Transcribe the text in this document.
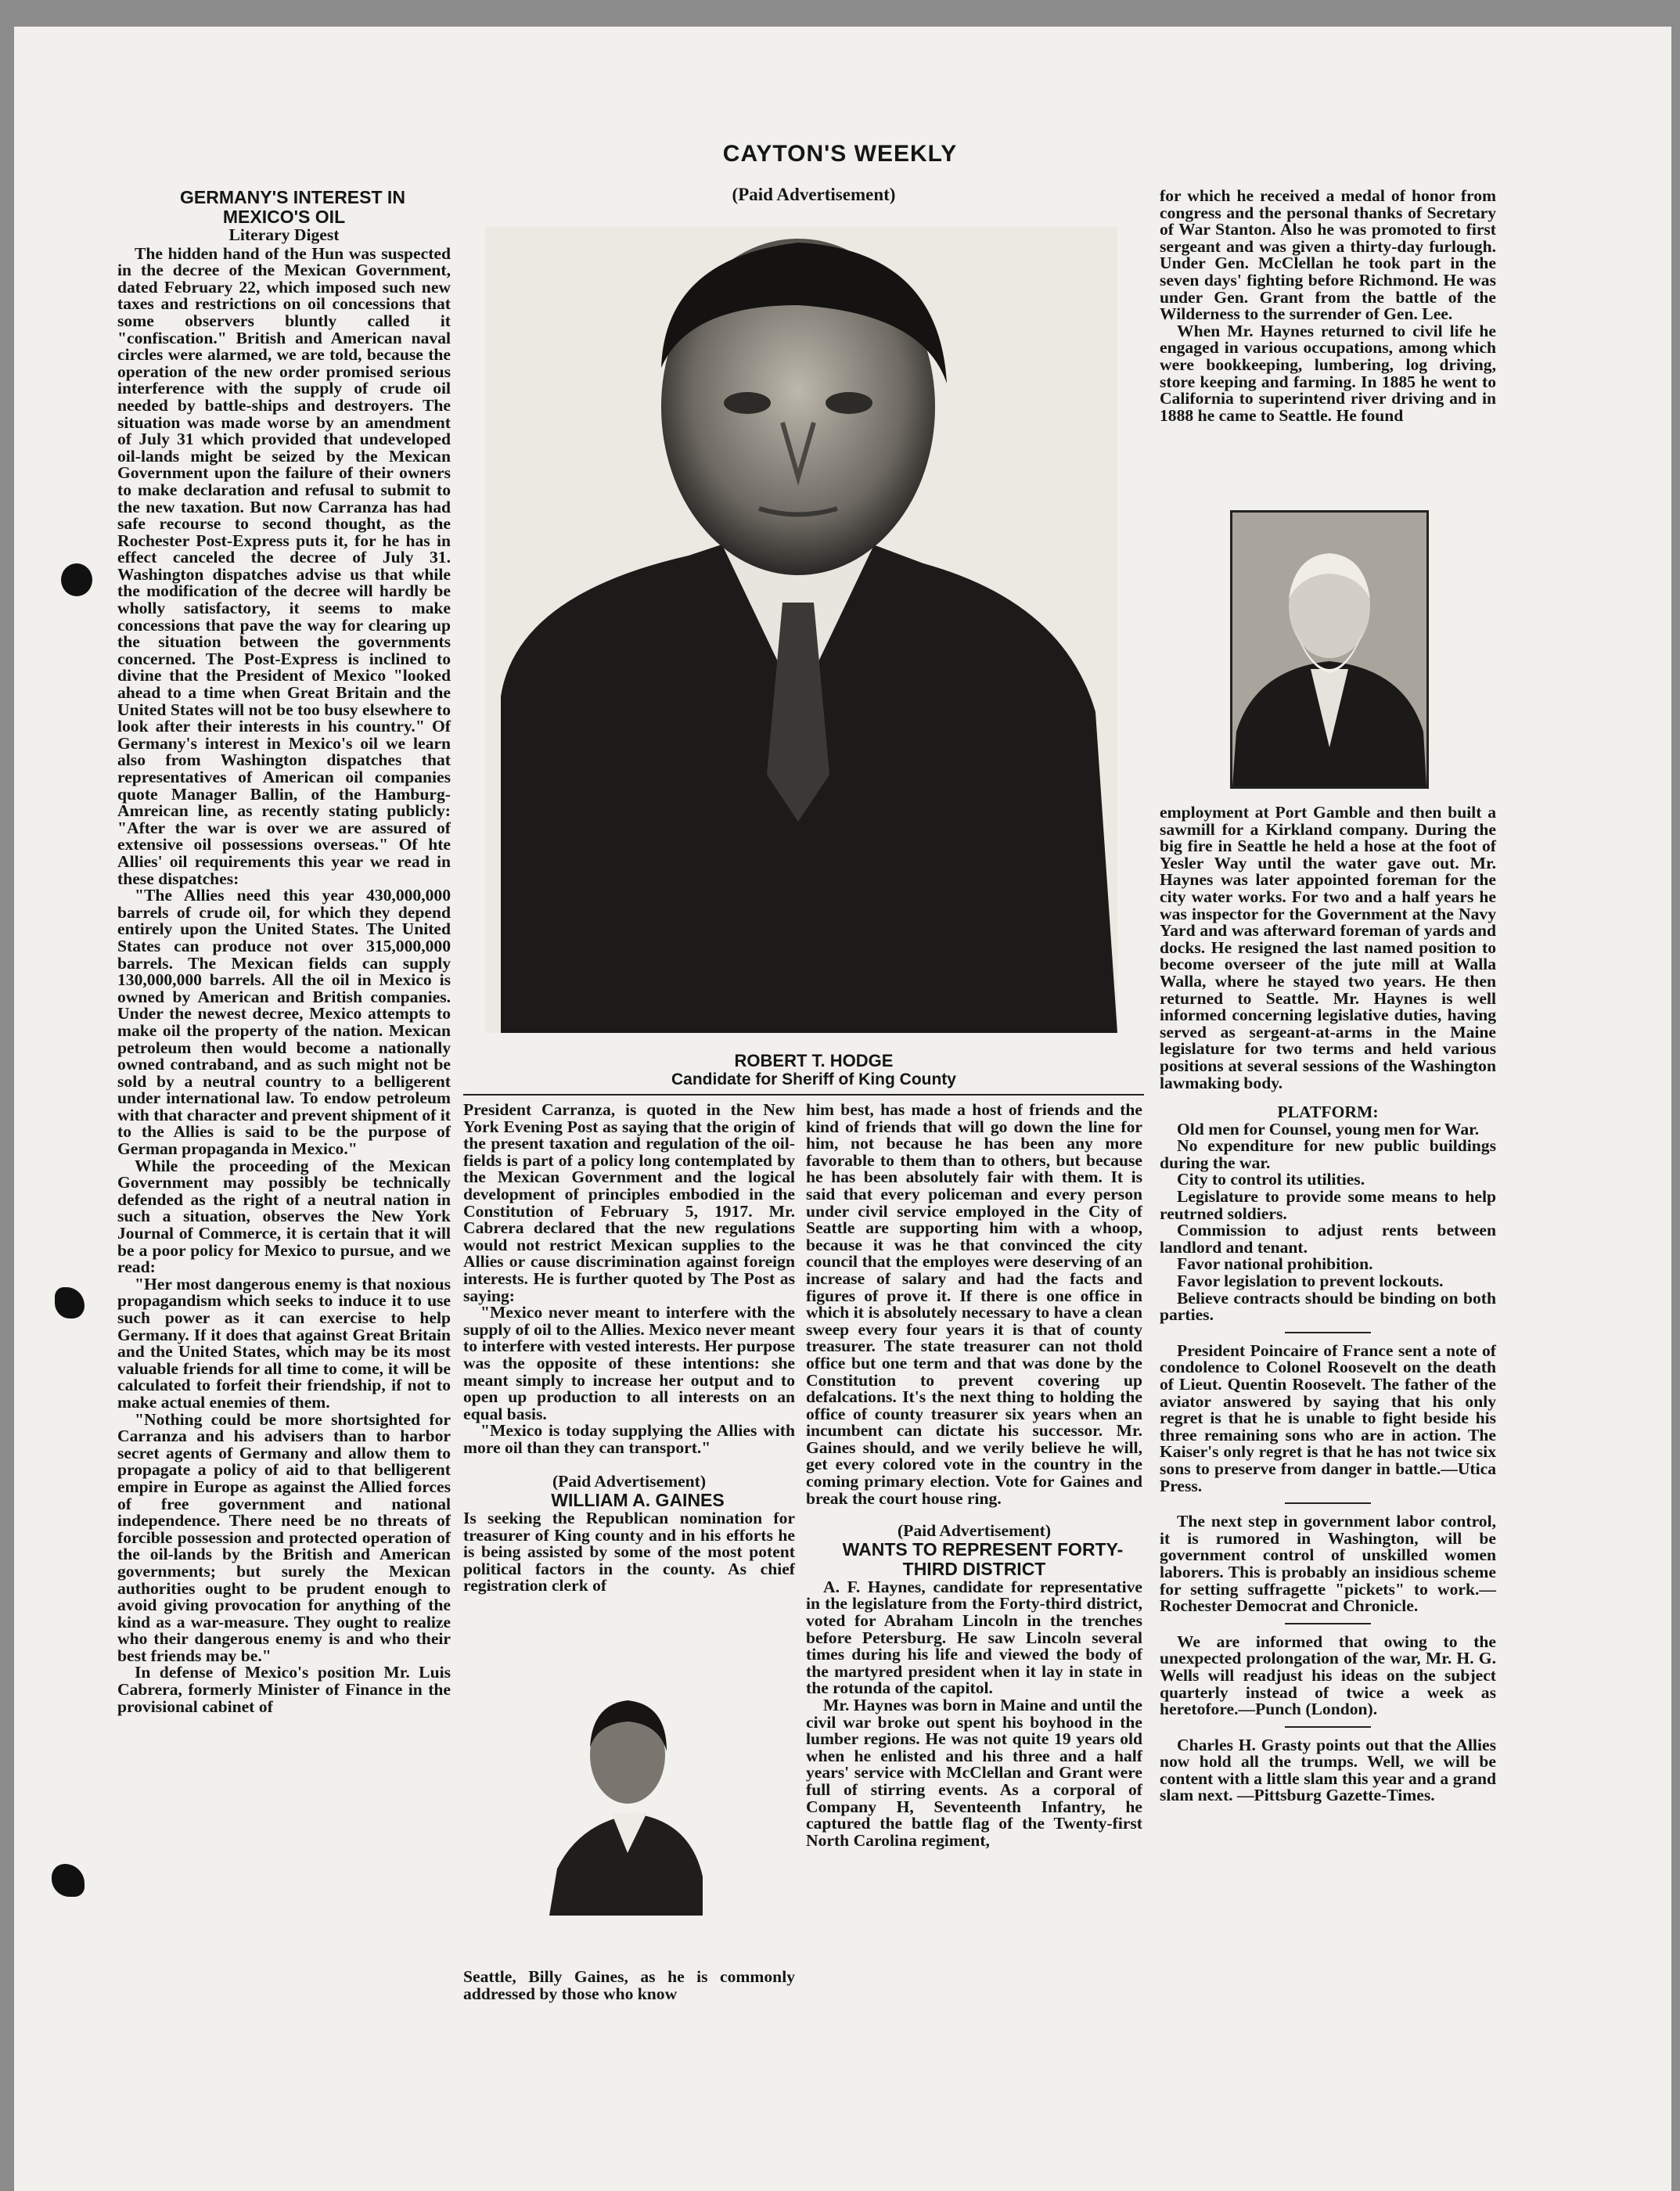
CAYTON'S WEEKLY

GERMANY'S INTEREST IN MEXICO'S OIL

Literary Digest

The hidden hand of the Hun was suspected in the decree of the Mexican Government, dated February 22, which imposed such new taxes and restrictions on oil concessions that some observers bluntly called it "confiscation." British and American naval circles were alarmed, we are told, because the operation of the new order promised serious interference with the supply of crude oil needed by battle-ships and destroyers. The situation was made worse by an amendment of July 31 which provided that undeveloped oil-lands might be seized by the Mexican Government upon the failure of their owners to make declaration and refusal to submit to the new taxation. But now Carranza has had safe recourse to second thought, as the Rochester Post-Express puts it, for he has in effect canceled the decree of July 31. Washington dispatches advise us that while the modification of the decree will hardly be wholly satisfactory, it seems to make concessions that pave the way for clearing up the situation between the governments concerned. The Post-Express is inclined to divine that the President of Mexico "looked ahead to a time when Great Britain and the United States will not be too busy elsewhere to look after their interests in his country." Of Germany's interest in Mexico's oil we learn also from Washington dispatches that representatives of American oil companies quote Manager Ballin, of the Hamburg-Amreican line, as recently stating publicly: "After the war is over we are assured of extensive oil possessions overseas." Of hte Allies' oil requirements this year we read in these dispatches:

"The Allies need this year 430,000,000 barrels of crude oil, for which they depend entirely upon the United States. The United States can produce not over 315,000,000 barrels. The Mexican fields can supply 130,000,000 barrels. All the oil in Mexico is owned by American and British companies. Under the newest decree, Mexico attempts to make oil the property of the nation. Mexican petroleum then would become a nationally owned contraband, and as such might not be sold by a neutral country to a belligerent under international law. To endow petroleum with that character and prevent shipment of it to the Allies is said to be the purpose of German propaganda in Mexico."

While the proceeding of the Mexican Government may possibly be technically defended as the right of a neutral nation in such a situation, observes the New York Journal of Commerce, it is certain that it will be a poor policy for Mexico to pursue, and we read:

"Her most dangerous enemy is that noxious propagandism which seeks to induce it to use such power as it can exercise to help Germany. If it does that against Great Britain and the United States, which may be its most valuable friends for all time to come, it will be calculated to forfeit their friendship, if not to make actual enemies of them.

"Nothing could be more shortsighted for Carranza and his advisers than to harbor secret agents of Germany and allow them to propagate a policy of aid to that belligerent empire in Europe as against the Allied forces of free government and national independence. There need be no threats of forcible possession and protected operation of the oil-lands by the British and American governments; but surely the Mexican authorities ought to be prudent enough to avoid giving provocation for anything of the kind as a war-measure. They ought to realize who their dangerous enemy is and who their best friends may be."

In defense of Mexico's position Mr. Luis Cabrera, formerly Minister of Finance in the provisional cabinet of

(Paid Advertisement)
ROBERT T. HODGE
Candidate for Sheriff of King County

President Carranza, is quoted in the New York Evening Post as saying that the origin of the present taxation and regulation of the oil-fields is part of a policy long contemplated by the Mexican Government and the logical development of principles embodied in the Constitution of February 5, 1917. Mr. Cabrera declared that the new regulations would not restrict Mexican supplies to the Allies or cause discrimination against foreign interests. He is further quoted by The Post as saying:

"Mexico never meant to interfere with the supply of oil to the Allies. Mexico never meant to interfere with vested interests. Her purpose was the opposite of these intentions: she meant simply to increase her output and to open up production to all interests on an equal basis.

"Mexico is today supplying the Allies with more oil than they can transport."

(Paid Advertisement)

WILLIAM A. GAINES

Is seeking the Republican nomination for treasurer of King county and in his efforts he is being assisted by some of the most potent political factors in the county. As chief registration clerk of

Seattle, Billy Gaines, as he is commonly addressed by those who know

him best, has made a host of friends and the kind of friends that will go down the line for him, not because he has been any more favorable to them than to others, but because he has been absolutely fair with them. It is said that every policeman and every person under civil service employed in the City of Seattle are supporting him with a whoop, because it was he that convinced the city council that the employes were deserving of an increase of salary and had the facts and figures of prove it. If there is one office in which it is absolutely necessary to have a clean sweep every four years it is that of county treasurer. The state treasurer can not thold office but one term and that was done by the Constitution to prevent covering up defalcations. It's the next thing to holding the office of county treasurer six years when an incumbent can dictate his successor. Mr. Gaines should, and we verily believe he will, get every colored vote in the country in the coming primary election. Vote for Gaines and break the court house ring.

(Paid Advertisement)

WANTS TO REPRESENT FORTY-THIRD DISTRICT

A. F. Haynes, candidate for representative in the legislature from the Forty-third district, voted for Abraham Lincoln in the trenches before Petersburg. He saw Lincoln several times during his life and viewed the body of the martyred president when it lay in state in the rotunda of the capitol.

Mr. Haynes was born in Maine and until the civil war broke out spent his boyhood in the lumber regions. He was not quite 19 years old when he enlisted and his three and a half years' service with McClellan and Grant were full of stirring events. As a corporal of Company H, Seventeenth Infantry, he captured the battle flag of the Twenty-first North Carolina regiment,

for which he received a medal of honor from congress and the personal thanks of Secretary of War Stanton. Also he was promoted to first sergeant and was given a thirty-day furlough. Under Gen. McClellan he took part in the seven days' fighting before Richmond. He was under Gen. Grant from the battle of the Wilderness to the surrender of Gen. Lee.

When Mr. Haynes returned to civil life he engaged in various occupations, among which were bookkeeping, lumbering, log driving, store keeping and farming. In 1885 he went to California to superintend river driving and in 1888 he came to Seattle. He found

employment at Port Gamble and then built a sawmill for a Kirkland company. During the big fire in Seattle he held a hose at the foot of Yesler Way until the water gave out. Mr. Haynes was later appointed foreman for the city water works. For two and a half years he was inspector for the Government at the Navy Yard and was afterward foreman of yards and docks. He resigned the last named position to become overseer of the jute mill at Walla Walla, where he stayed two years. He then returned to Seattle. Mr. Haynes is well informed concerning legislative duties, having served as sergeant-at-arms in the Maine legislature for two terms and held various positions at several sessions of the Washington lawmaking body.

PLATFORM:

Old men for Counsel, young men for War.

No expenditure for new public buildings during the war.

City to control its utilities.

Legislature to provide some means to help reutrned soldiers.

Commission to adjust rents between landlord and tenant.

Favor national prohibition.

Favor legislation to prevent lockouts.

Believe contracts should be binding on both parties.

President Poincaire of France sent a note of condolence to Colonel Roosevelt on the death of Lieut. Quentin Roosevelt. The father of the aviator answered by saying that his only regret is that he is unable to fight beside his three remaining sons who are in action. The Kaiser's only regret is that he has not twice six sons to preserve from danger in battle.—Utica Press.

The next step in government labor control, it is rumored in Washington, will be government control of unskilled women laborers. This is probably an insidious scheme for setting suffragette "pickets" to work.—Rochester Democrat and Chronicle.

We are informed that owing to the unexpected prolongation of the war, Mr. H. G. Wells will readjust his ideas on the subject quarterly instead of twice a week as heretofore.—Punch (London).

Charles H. Grasty points out that the Allies now hold all the trumps. Well, we will be content with a little slam this year and a grand slam next. —Pittsburg Gazette-Times.
